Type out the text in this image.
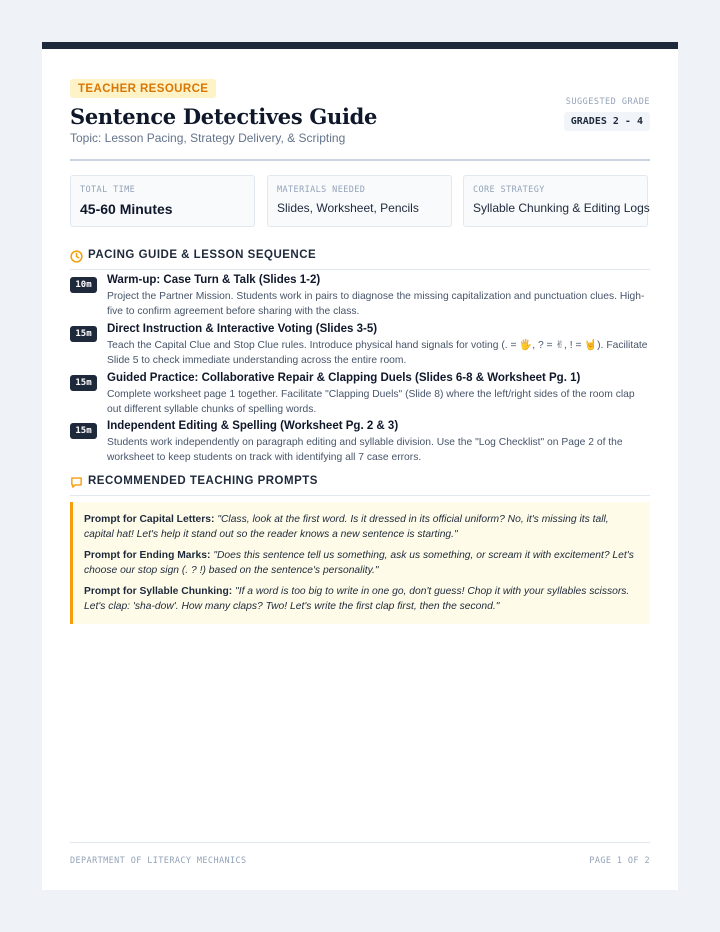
TEACHER RESOURCE
Sentence Detectives Guide
Topic: Lesson Pacing, Strategy Delivery, & Scripting
SUGGESTED GRADE
GRADES 2 - 4
TOTAL TIME
45-60 Minutes
MATERIALS NEEDED
Slides, Worksheet, Pencils
CORE STRATEGY
Syllable Chunking & Editing Logs
PACING GUIDE & LESSON SEQUENCE
10m	Warm-up: Case Turn & Talk (Slides 1-2)
Project the Partner Mission. Students work in pairs to diagnose the missing capitalization and punctuation clues. High-five to confirm agreement before sharing with the class.
15m	Direct Instruction & Interactive Voting (Slides 3-5)
Teach the Capital Clue and Stop Clue rules. Introduce physical hand signals for voting (. = 🖐, ? = ✌, ! = 🤘). Facilitate Slide 5 to check immediate understanding across the entire room.
15m	Guided Practice: Collaborative Repair & Clapping Duels (Slides 6-8 & Worksheet Pg. 1)
Complete worksheet page 1 together. Facilitate "Clapping Duels" (Slide 8) where the left/right sides of the room clap out different syllable chunks of spelling words.
15m	Independent Editing & Spelling (Worksheet Pg. 2 & 3)
Students work independently on paragraph editing and syllable division. Use the "Log Checklist" on Page 2 of the worksheet to keep students on track with identifying all 7 case errors.
RECOMMENDED TEACHING PROMPTS
Prompt for Capital Letters: "Class, look at the first word. Is it dressed in its official uniform? No, it's missing its tall, capital hat! Let's help it stand out so the reader knows a new sentence is starting."
Prompt for Ending Marks: "Does this sentence tell us something, ask us something, or scream it with excitement? Let's choose our stop sign (. ? !) based on the sentence's personality."
Prompt for Syllable Chunking: "If a word is too big to write in one go, don't guess! Chop it with your syllables scissors. Let's clap: 'sha-dow'. How many claps? Two! Let's write the first clap first, then the second."
DEPARTMENT OF LITERACY MECHANICS	PAGE 1 OF 2
